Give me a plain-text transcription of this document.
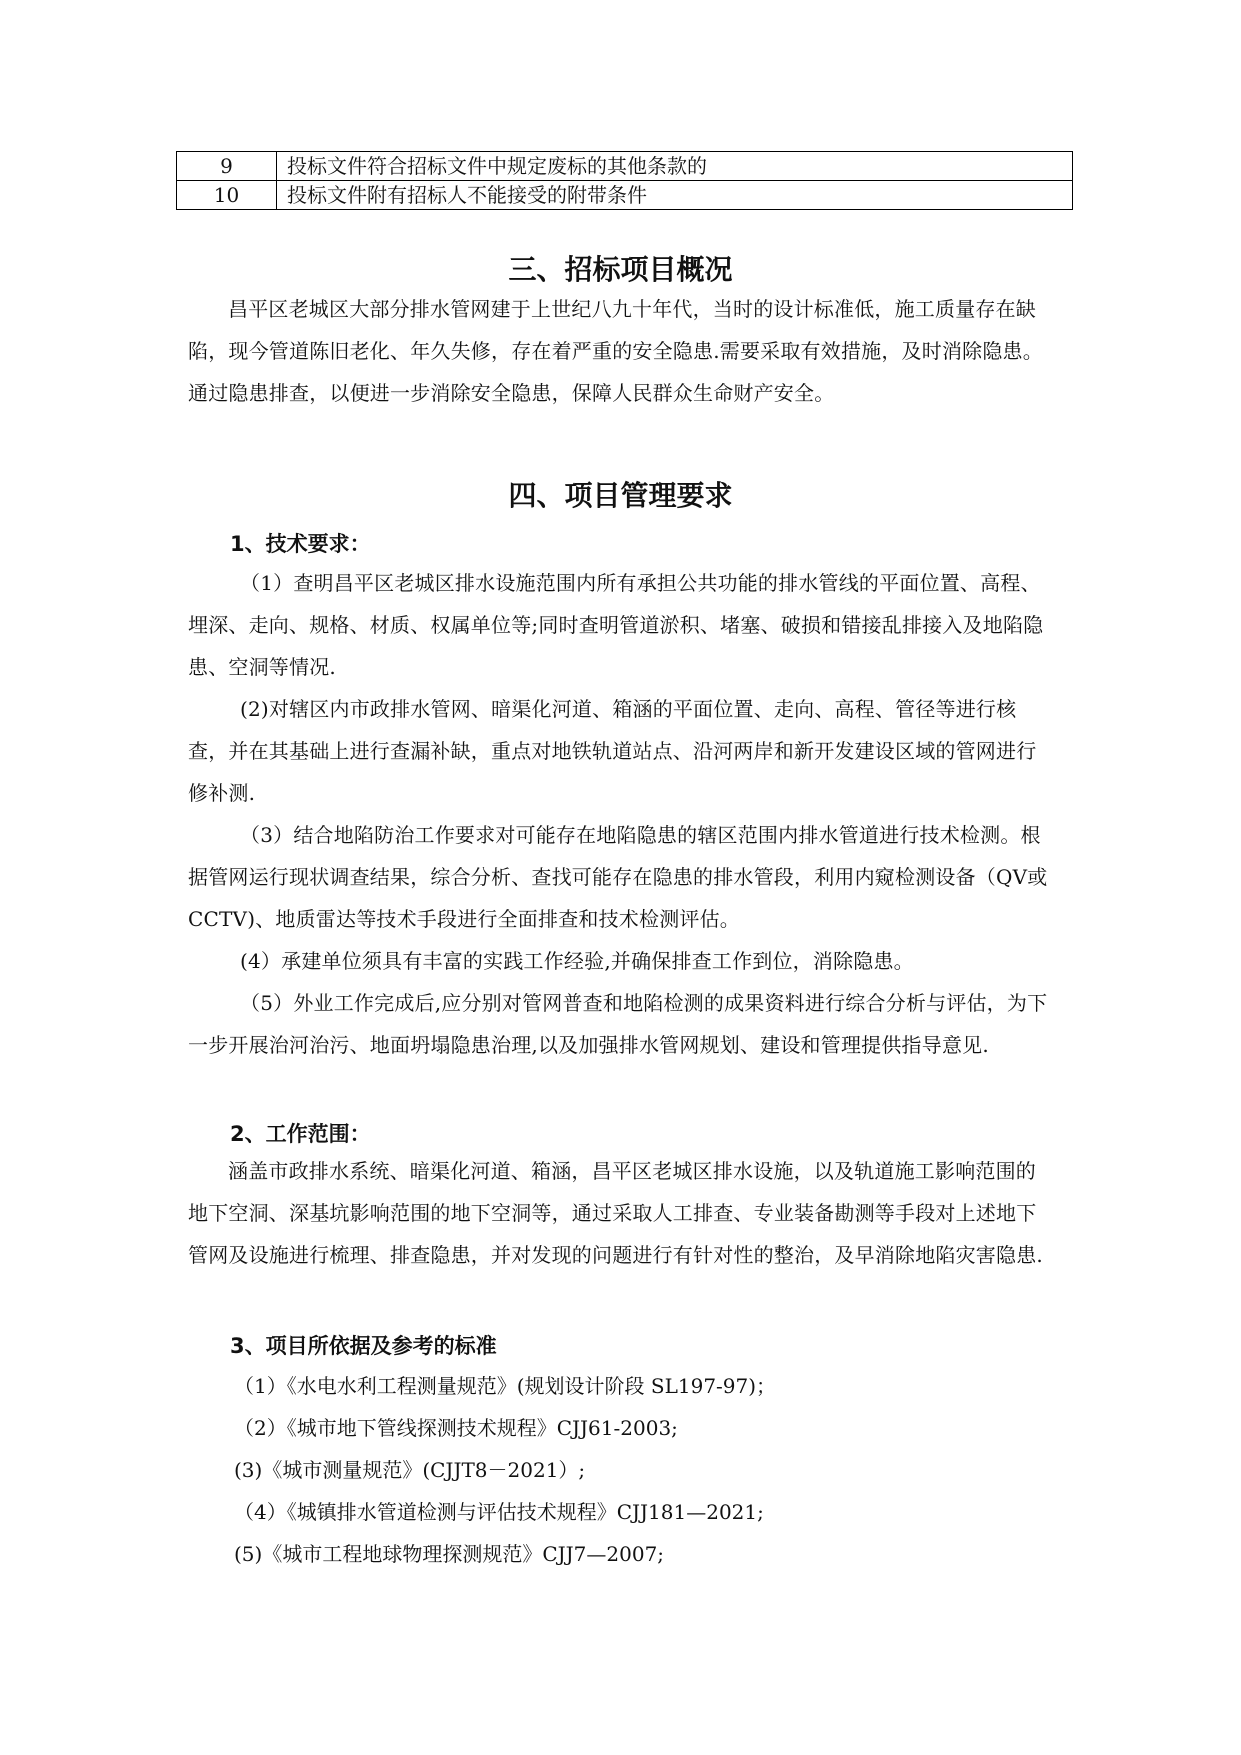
9	投标文件符合招标文件中规定废标的其他条款的
10	投标文件附有招标人不能接受的附带条件
三、招标项目概况

昌平区老城区大部分排水管网建于上世纪八九十年代，当时的设计标准低，施工质量存在缺陷，现今管道陈旧老化、年久失修，存在着严重的安全隐患.需要采取有效措施，及时消除隐患。 通过隐患排查，以便进一步消除安全隐患，保障人民群众生命财产安全。

四、项目管理要求

1、技术要求：

（1）查明昌平区老城区排水设施范围内所有承担公共功能的排水管线的平面位置、高程、埋深、走向、规格、材质、权属单位等;同时查明管道淤积、堵塞、破损和错接乱排接入及地陷隐患、空洞等情况.

(2)对辖区内市政排水管网、暗渠化河道、箱涵的平面位置、走向、高程、管径等进行核查，并在其基础上进行查漏补缺，重点对地铁轨道站点、沿河两岸和新开发建设区域的管网进行修补测.

（3）结合地陷防治工作要求对可能存在地陷隐患的辖区范围内排水管道进行技术检测。根据管网运行现状调查结果，综合分析、查找可能存在隐患的排水管段，利用内窥检测设备（QV或CCTV)、地质雷达等技术手段进行全面排查和技术检测评估。

(4）承建单位须具有丰富的实践工作经验,并确保排查工作到位，消除隐患。

（5）外业工作完成后,应分别对管网普查和地陷检测的成果资料进行综合分析与评估，为下一步开展治河治污、地面坍塌隐患治理,以及加强排水管网规划、建设和管理提供指导意见.

2、工作范围：

涵盖市政排水系统、暗渠化河道、箱涵，昌平区老城区排水设施，以及轨道施工影响范围的地下空洞、深基坑影响范围的地下空洞等，通过采取人工排查、专业装备勘测等手段对上述地下管网及设施进行梳理、排查隐患，并对发现的问题进行有针对性的整治，及早消除地陷灾害隐患.

3、项目所依据及参考的标准

（1）《水电水利工程测量规范》(规划设计阶段 SL197-97)；

（2）《城市地下管线探测技术规程》CJJ61-2003;

(3)《城市测量规范》(CJJT8－2021）;

（4）《城镇排水管道检测与评估技术规程》CJJ181—2021;

(5)《城市工程地球物理探测规范》CJJ7—2007;
